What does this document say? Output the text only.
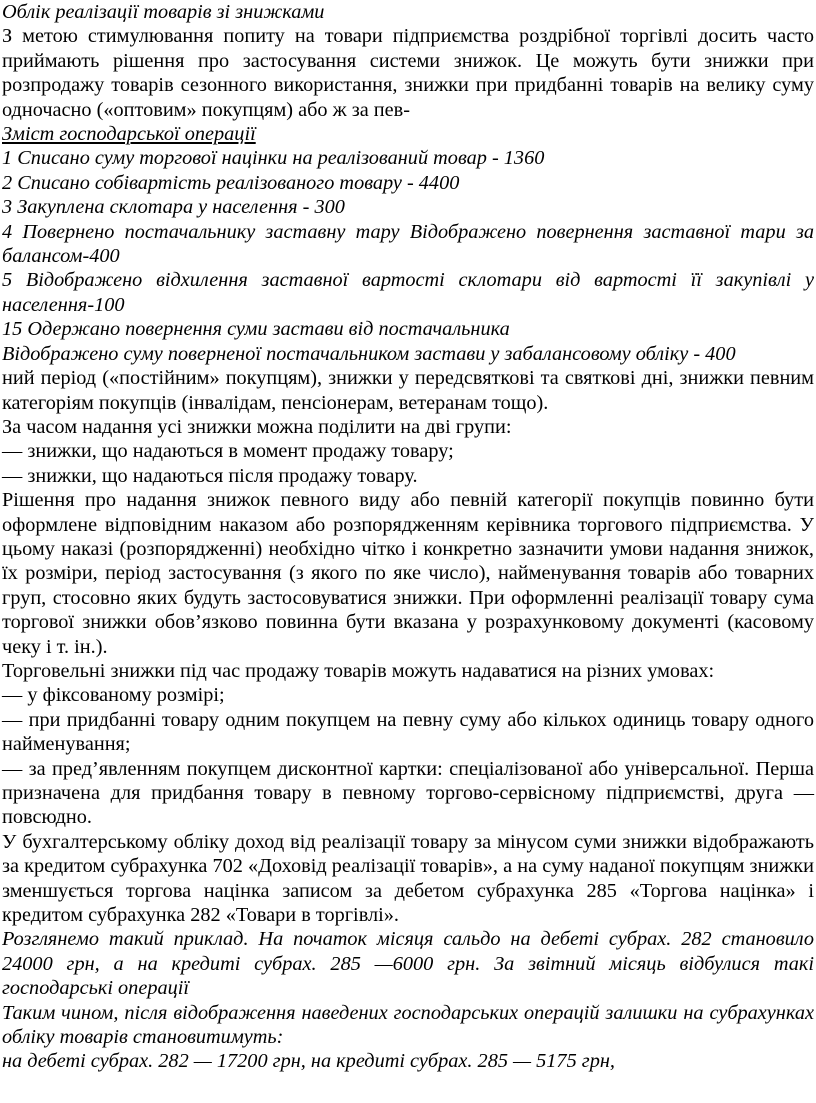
Облік реалізації товарів зі знижками

З метою стимулювання попиту на товари підприємства роздрібної торгівлі досить часто приймають рішення про застосування системи знижок. Це можуть бути знижки при розпродажу товарів сезонного використання, знижки при придбанні товарів на велику суму одночасно («оптовим» покупцям) або ж за пев-

Зміст господарської операції

1 Списано суму торгової націнки на реалізований товар - 1360

2 Списано собівартість реалізованого товару - 4400

3 Закуплена склотара у населення - 300

4 Повернено постачальнику заставну тару Відображено повернення заставної тари за балансом-400

5 Відображено відхилення заставної вартості склотари від вартості її закупівлі у населення-100

15 Одержано повернення суми застави від постачальника

Відображено суму поверненої постачальником застави у забалансовому обліку - 400

ний період («постійним» покупцям), знижки у передсвяткові та святкові дні, знижки певним категоріям покупців (інвалідам, пенсіонерам, ветеранам тощо).

За часом надання усі знижки можна поділити на дві групи:

— знижки, що надаються в момент продажу товару;

— знижки, що надаються після продажу товару.

Рішення про надання знижок певного виду або певній категорії покупців повинно бути оформлене відповідним наказом або розпорядженням керівника торгового підприємства. У цьому наказі (розпорядженні) необхідно чітко і конкретно зазначити умови надання знижок, їх розміри, період застосування (з якого по яке число), найменування товарів або товарних груп, стосовно яких будуть застосовуватися знижки. При оформленні реалізації товару сума торгової знижки обов’язково повинна бути вказана у розрахунковому документі (касовому чеку і т. ін.).

Торговельні знижки під час продажу товарів можуть надаватися на різних умовах:

— у фіксованому розмірі;

— при придбанні товару одним покупцем на певну суму або кількох одиниць товару одного найменування;

— за пред’явленням покупцем дисконтної картки: спеціалізованої або універсальної. Перша призначена для придбання товару в певному торгово-сервісному підприємстві, друга — повсюдно.

У бухгалтерському обліку доход від реалізації товару за мінусом суми знижки відображають за кредитом субрахунка 702 «Доховід реалізації товарів», а на суму наданої покупцям знижки зменшується торгова націнка записом за дебетом субрахунка 285 «Торгова націнка» і кредитом субрахунка 282 «Товари в торгівлі».

Розглянемо такий приклад. На початок місяця сальдо на дебеті субрах. 282 становило 24000 грн, а на кредиті субрах. 285 —6000 грн. За звітний місяць відбулися такі господарські операції

Таким чином, після відображення наведених господарських операцій залишки на субрахунках обліку товарів становитимуть:

на дебеті субрах. 282 — 17200 грн, на кредиті субрах. 285 — 5175 грн,
